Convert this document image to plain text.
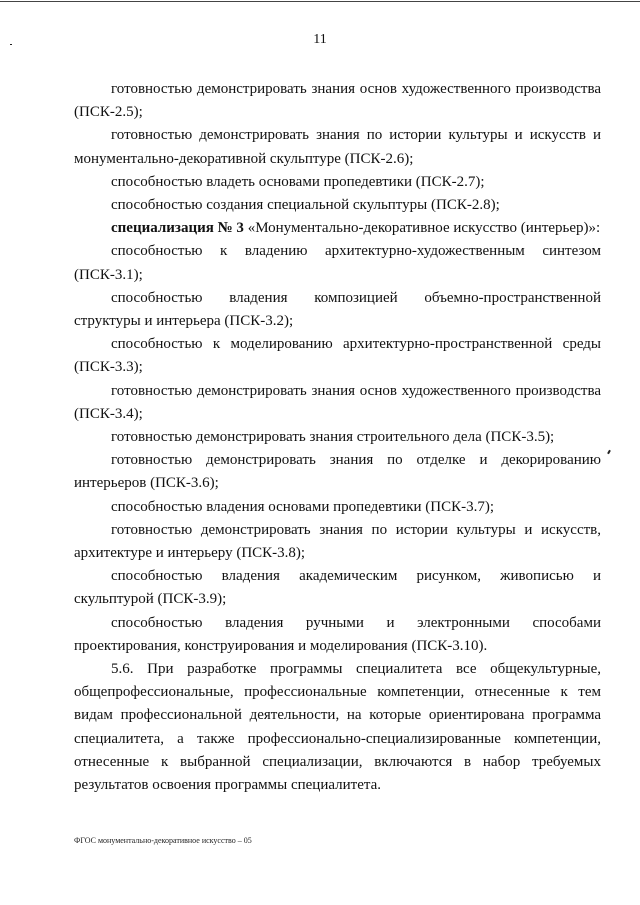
11

готовностью демонстрировать знания основ художественного производства (ПСК-2.5);

готовностью демонстрировать знания по истории культуры и искусств и монументально-декоративной скульптуре (ПСК-2.6);

способностью владеть основами пропедевтики (ПСК-2.7);

способностью создания специальной скульптуры (ПСК-2.8);

специализация № 3 «Монументально-декоративное искусство (интерьер)»:

способностью к владению архитектурно-художественным синтезом (ПСК-3.1);

способностью владения композицией объемно-пространственной структуры и интерьера (ПСК-3.2);

способностью к моделированию архитектурно-пространственной среды (ПСК-3.3);

готовностью демонстрировать знания основ художественного производства (ПСК-3.4);

готовностью демонстрировать знания строительного дела (ПСК-3.5);

готовностью демонстрировать знания по отделке и декорированию интерьеров (ПСК-3.6);

способностью владения основами пропедевтики (ПСК-3.7);

готовностью демонстрировать знания по истории культуры и искусств, архитектуре и интерьеру (ПСК-3.8);

способностью владения академическим рисунком, живописью и скульптурой (ПСК-3.9);

способностью владения ручными и электронными способами проектирования, конструирования и моделирования (ПСК-3.10).

5.6. При разработке программы специалитета все общекультурные, общепрофессиональные, профессиональные компетенции, отнесенные к тем видам профессиональной деятельности, на которые ориентирована программа специалитета, а также профессионально-специализированные компетенции, отнесенные к выбранной специализации, включаются в набор требуемых результатов освоения программы специалитета.

ФГОС монументально-декоративное искусство – 05
